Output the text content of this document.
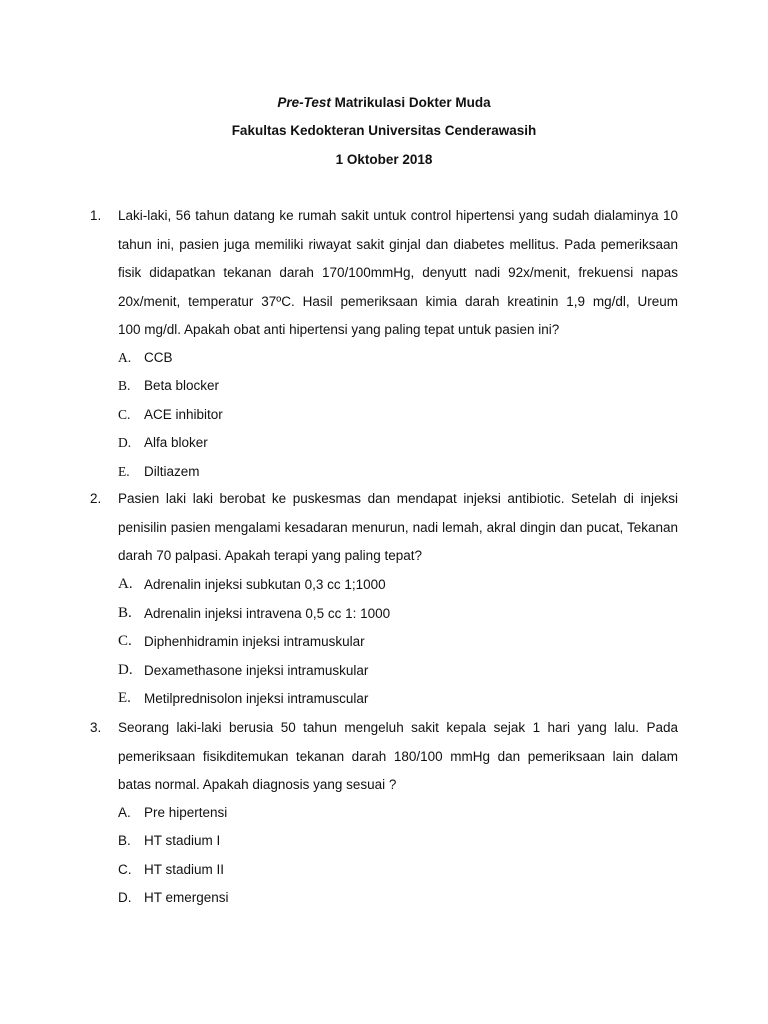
Pre-Test Matrikulasi Dokter Muda
Fakultas Kedokteran Universitas Cenderawasih
1 Oktober 2018
1. Laki-laki, 56 tahun datang ke rumah sakit untuk control hipertensi yang sudah dialaminya 10
tahun ini, pasien juga memiliki riwayat sakit ginjal dan diabetes mellitus. Pada pemeriksaan
fisik didapatkan tekanan darah 170/100mmHg, denyutt nadi 92x/menit, frekuensi napas
20x/menit, temperatur 37ºC. Hasil pemeriksaan kimia darah kreatinin 1,9 mg/dl, Ureum
100 mg/dl. Apakah obat anti hipertensi yang paling tepat untuk pasien ini?
A. CCB
B. Beta blocker
C. ACE inhibitor
D. Alfa bloker
E. Diltiazem
2. Pasien laki laki berobat ke puskesmas dan mendapat injeksi antibiotic. Setelah di injeksi
penisilin pasien mengalami kesadaran menurun, nadi lemah, akral dingin dan pucat, Tekanan
darah 70 palpasi. Apakah terapi yang paling tepat?
A. Adrenalin injeksi subkutan 0,3 cc 1;1000
B. Adrenalin injeksi intravena 0,5 cc 1: 1000
C. Diphenhidramin injeksi intramuskular
D. Dexamethasone injeksi intramuskular
E. Metilprednisolon injeksi intramuscular
3. Seorang laki-laki berusia 50 tahun mengeluh sakit kepala sejak 1 hari yang lalu. Pada
pemeriksaan fisikditemukan tekanan darah 180/100 mmHg dan pemeriksaan lain dalam
batas normal. Apakah diagnosis yang sesuai ?
A. Pre hipertensi
B. HT stadium I
C. HT stadium II
D. HT emergensi
